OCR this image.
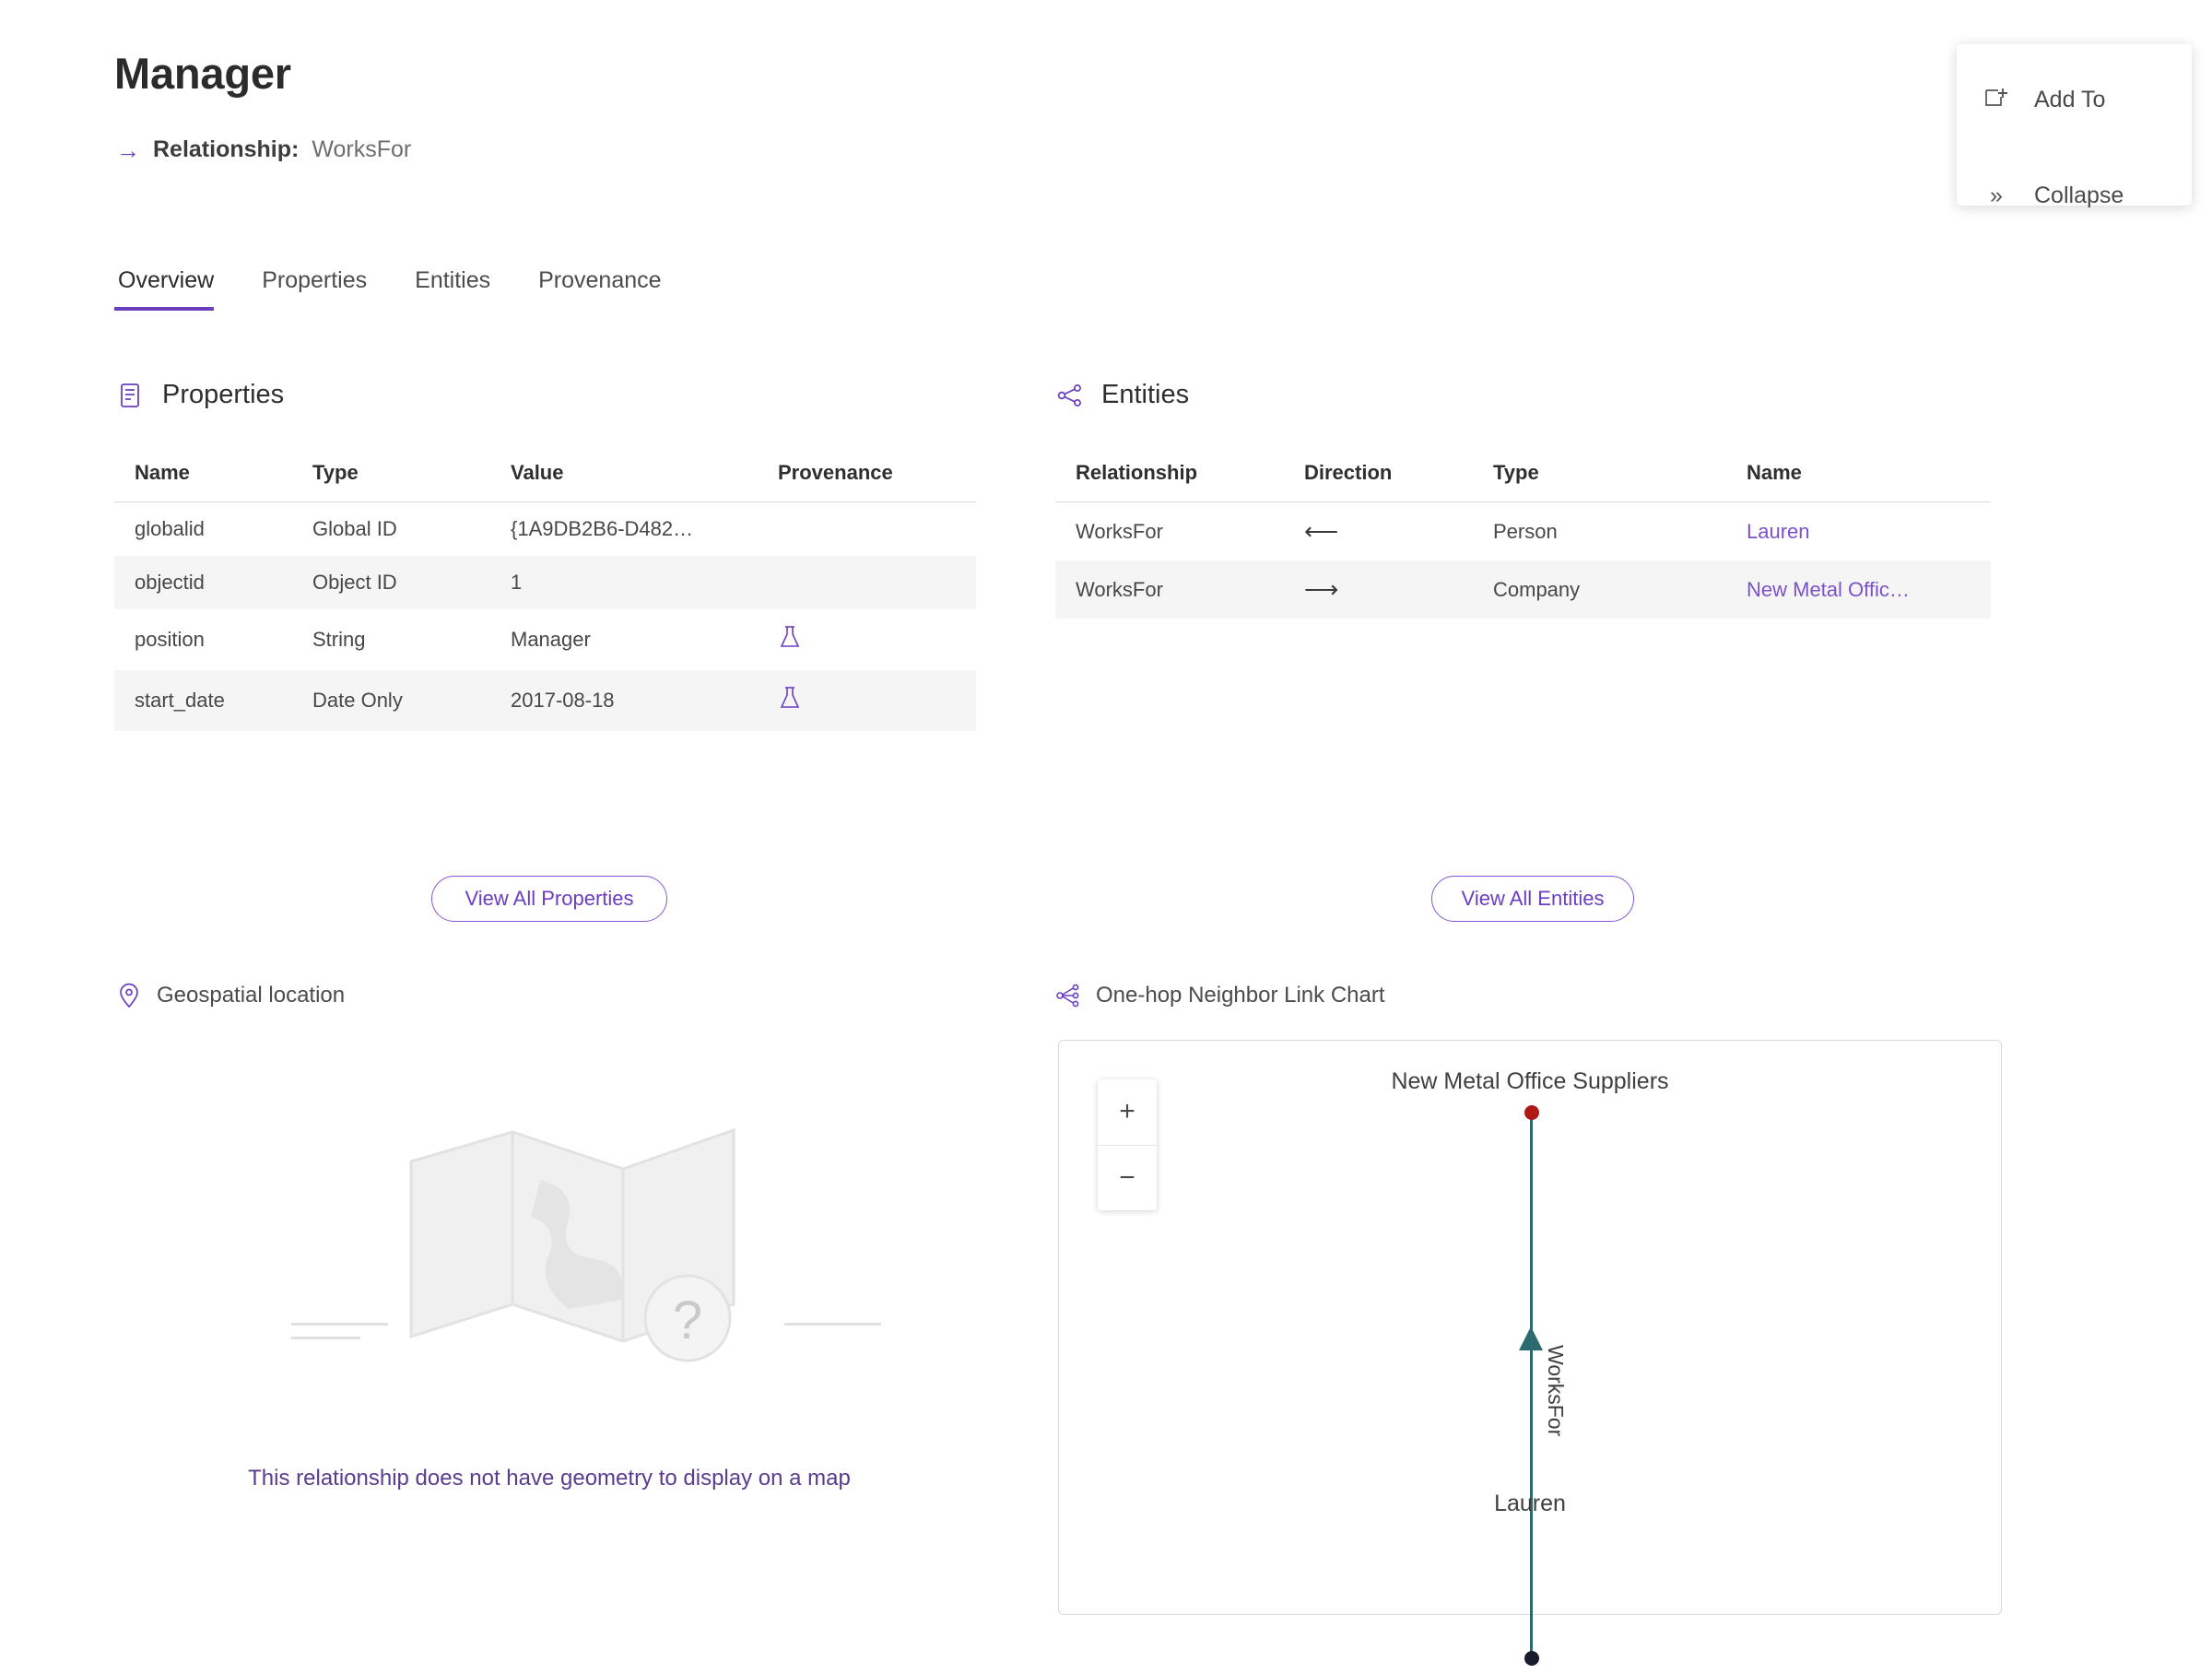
Manager
→ Relationship: WorksFor
Add To
»	Collapse
Overview	Properties	Entities	Provenance
Properties
Name	Type	Value	Provenance
globalid	Global ID	{1A9DB2B6-D482…	
objectid	Object ID	1	
position	String	Manager	
start_date	Date Only	2017-08-18	
View All Properties
Entities
Relationship	Direction	Type	Name
WorksFor	⟵	Person	Lauren
WorksFor	⟶	Company	New Metal Offic…
View All Entities
Geospatial location
?
This relationship does not have geometry to display on a map
One-hop Neighbor Link Chart
+
−
New Metal Office Suppliers
WorksFor
Lauren
